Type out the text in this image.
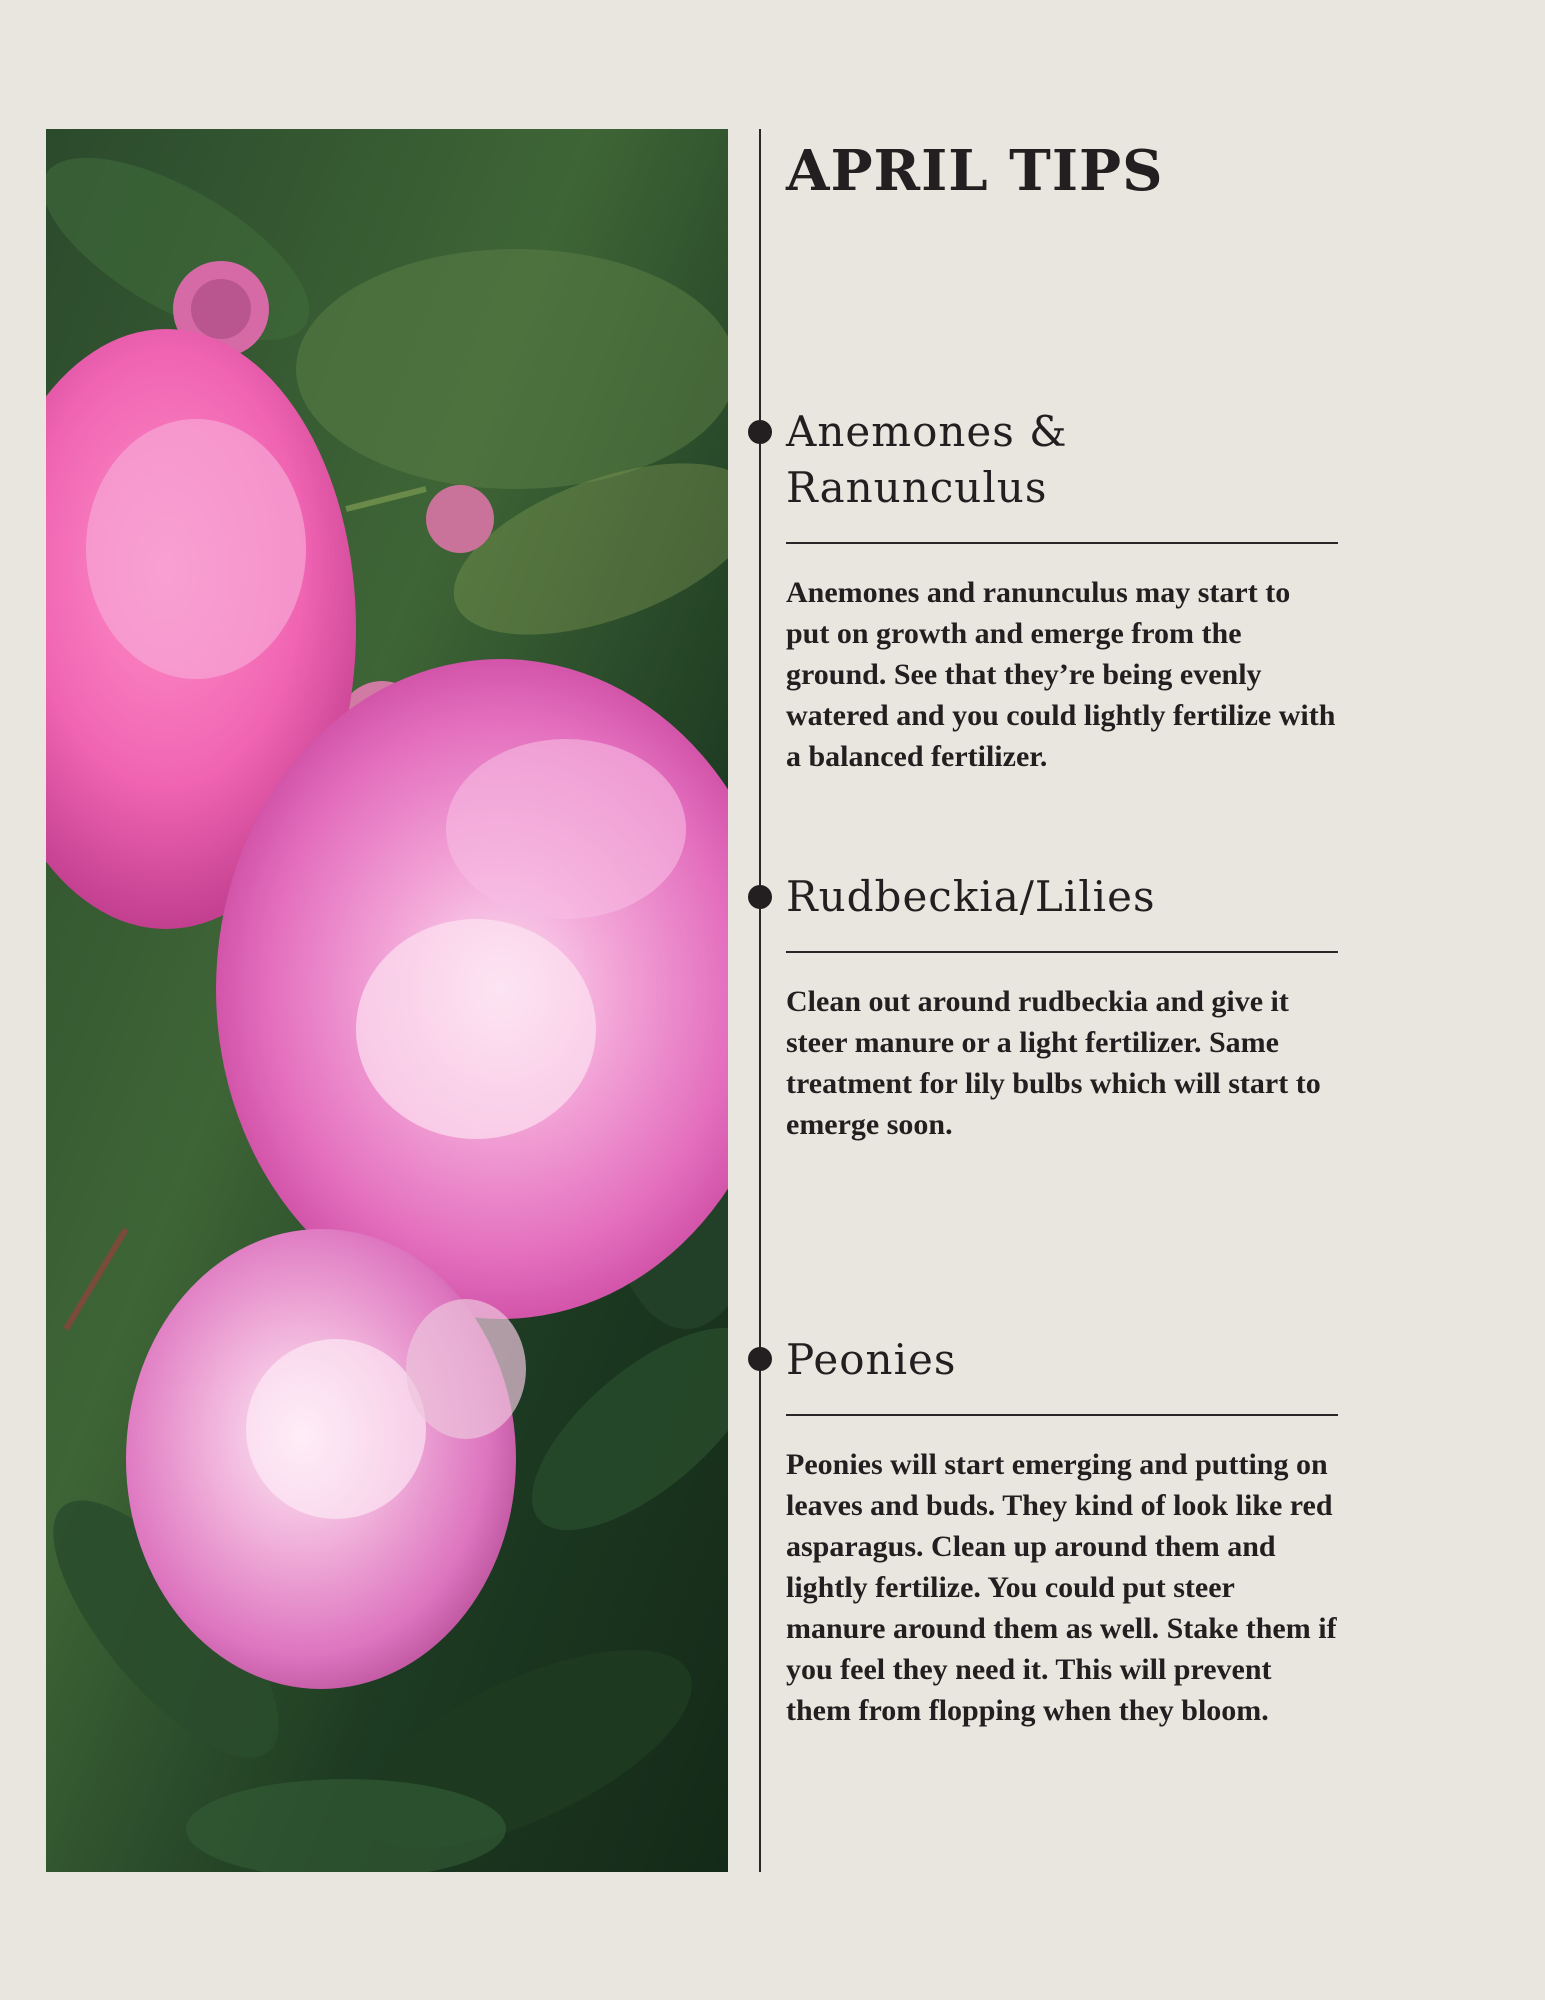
APRIL TIPS
Anemones & Ranunculus

Anemones and ranunculus may start to put on growth and emerge from the ground. See that they’re being evenly watered and you could lightly fertilize with a balanced fertilizer.

Rudbeckia/Lilies

Clean out around rudbeckia and give it steer manure or a light fertilizer. Same treatment for lily bulbs which will start to emerge soon.

Peonies

Peonies will start emerging and putting on leaves and buds. They kind of look like red asparagus. Clean up around them and lightly fertilize. You could put steer manure around them as well. Stake them if you feel they need it. This will prevent them from flopping when they bloom.
